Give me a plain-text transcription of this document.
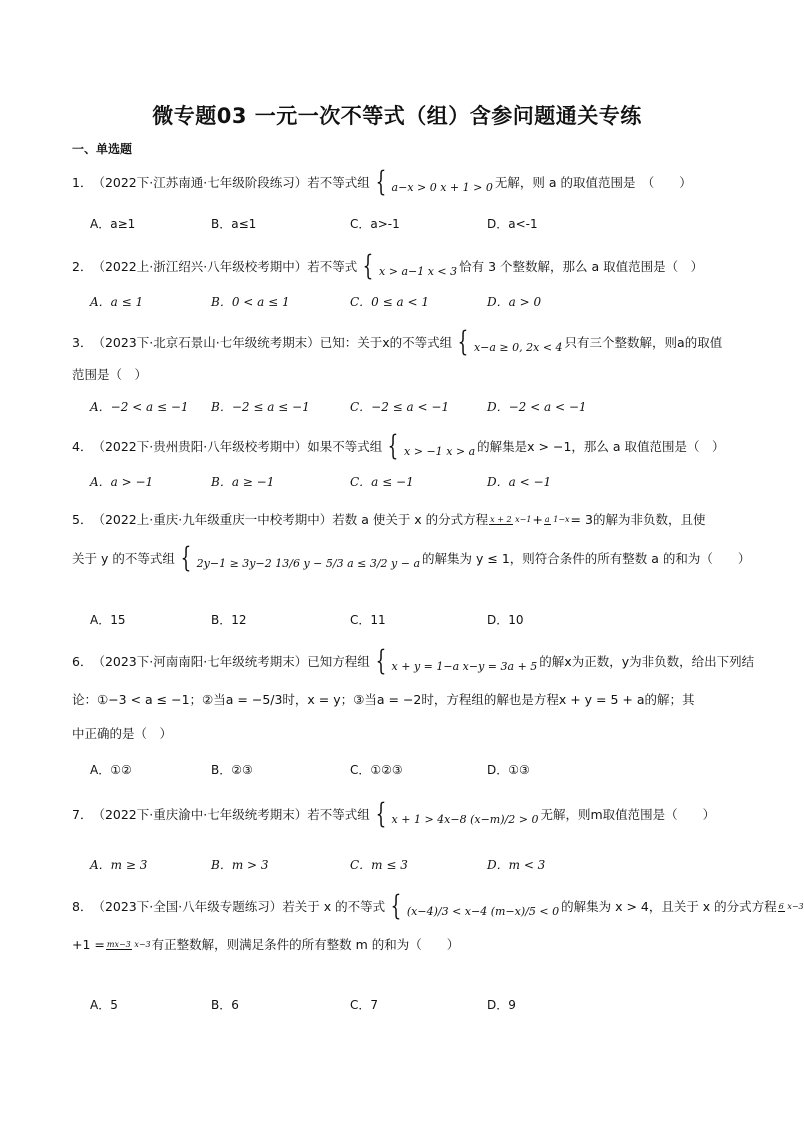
微专题03 一元一次不等式（组）含参问题通关专练
一、单选题
1． （2022下·江苏南通·七年级阶段练习） 若不等式组 { a−x > 0 x + 1 > 0 无解，则 a 的取值范围是　（　　）
A．a≥1	B．a≤1	C．a>-1	D．a<-1
2． （2022上·浙江绍兴·八年级校考期中） 若不等式 { x > a−1 x < 3 恰有 3 个整数解，那么 a 取值范围是（　）
A．a ≤ 1	B．0 < a ≤ 1	C．0 ≤ a < 1	D．a > 0
3． （2023下·北京石景山·七年级统考期末） 已知：关于x的不等式组 { x−a ≥ 0, 2x < 4 只有三个整数解，则a的取值
范围是（　）
A．−2 < a ≤ −1 B．−2 ≤ a ≤ −1	C．−2 ≤ a < −1	D．−2 < a < −1
4． （2022下·贵州贵阳·八年级校考期中） 如果不等式组 { x > −1 x > a 的解集是x > −1，那么 a 取值范围是（　）
A．a > −1	B．a ≥ −1	C．a ≤ −1	D．a < −1
5． （2022上·重庆·九年级重庆一中校考期中） 若数 a 使关于 x 的分式方程 x + 2 x−1 + a 1−x = 3的解为非负数，且使
关于 y 的不等式组 { 2y−1 ≥ 3y−2 13/6 y − 5/3 a ≤ 3/2 y − a 的解集为 y ≤ 1，则符合条件的所有整数 a 的和为（　　）
A．15	B．12	C．11	D．10
6． （2023下·河南南阳·七年级统考期末） 已知方程组 { x + y = 1−a x−y = 3a + 5 的解x为正数，y为非负数，给出下列结
论：①−3 < a ≤ −1；②当a = −5/3时，x = y；③当a = −2时，方程组的解也是方程x + y = 5 + a的解；其
中正确的是（　）
A．①②	B．②③	C．①②③	D．①③
7． （2022下·重庆渝中·七年级统考期末） 若不等式组 { x + 1 > 4x−8 (x−m)/2 > 0 无解，则m取值范围是（　　）
A．m ≥ 3	B．m > 3	C．m ≤ 3	D．m < 3
8． （2023下·全国·八年级专题练习） 若关于 x 的不等式 { (x−4)/3 < x−4 (m−x)/5 < 0 的解集为 x > 4，且关于 x 的分式方程 6 x−3
+1 = mx−3 x−3 有正整数解，则满足条件的所有整数 m 的和为（　　）
A．5	B．6	C．7	D．9
